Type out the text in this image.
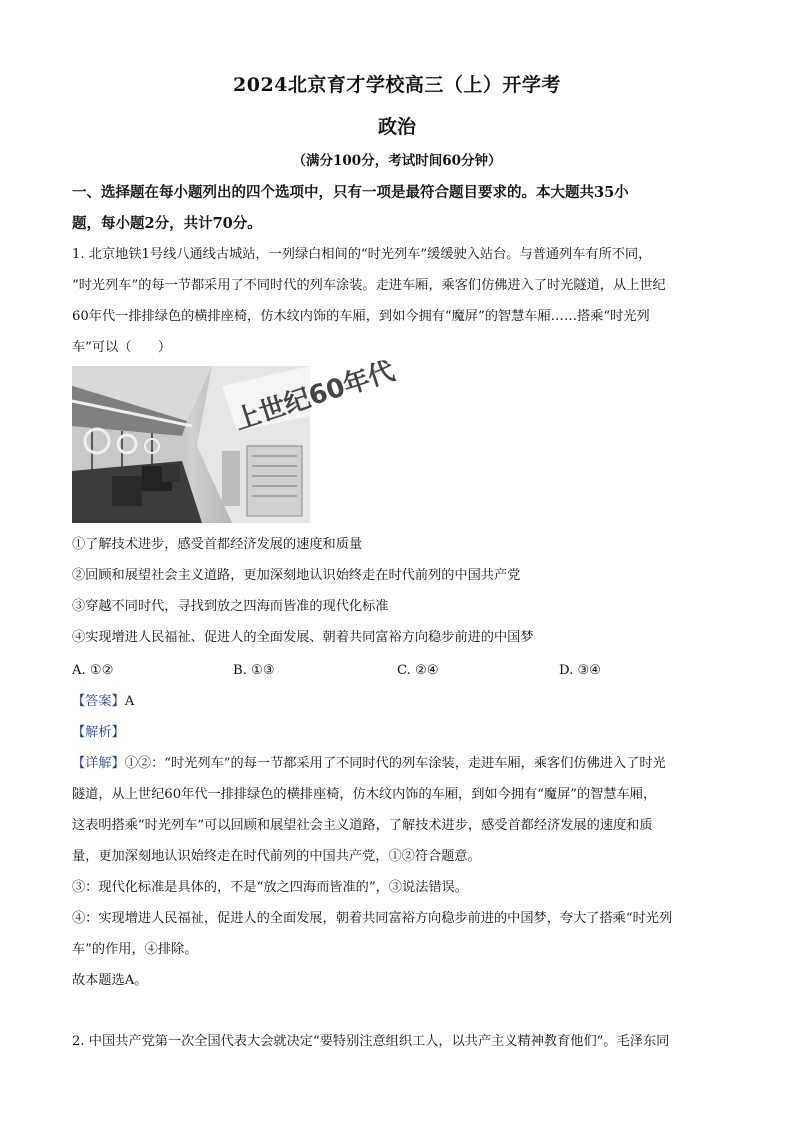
2024北京育才学校高三（上）开学考
政治
（满分100分，考试时间60分钟）
一、选择题在每小题列出的四个选项中，只有一项是最符合题目要求的。本大题共35小
题，每小题2分，共计70分。
1. 北京地铁1号线八通线古城站，一列绿白相间的“时光列车”缓缓驶入站台。与普通列车有所不同，
“时光列车”的每一节都采用了不同时代的列车涂装。走进车厢，乘客们仿佛进入了时光隧道，从上世纪
60年代一排排绿色的横排座椅，仿木纹内饰的车厢，到如今拥有“魔屏”的智慧车厢……搭乘“时光列
车”可以（　　）
上世纪60年代
①了解技术进步，感受首都经济发展的速度和质量
②回顾和展望社会主义道路，更加深刻地认识始终走在时代前列的中国共产党
③穿越不同时代，寻找到放之四海而皆准的现代化标准
④实现增进人民福祉、促进人的全面发展、朝着共同富裕方向稳步前进的中国梦
A. ①②	B. ①③	C. ②④	D. ③④
【答案】A
【解析】
【详解】①②：“时光列车”的每一节都采用了不同时代的列车涂装，走进车厢，乘客们仿佛进入了时光
隧道，从上世纪60年代一排排绿色的横排座椅，仿木纹内饰的车厢，到如今拥有“魔屏”的智慧车厢，
这表明搭乘“时光列车”可以回顾和展望社会主义道路，了解技术进步，感受首都经济发展的速度和质
量，更加深刻地认识始终走在时代前列的中国共产党，①②符合题意。
③：现代化标准是具体的，不是“放之四海而皆准的”，③说法错误。
④：实现增进人民福祉，促进人的全面发展，朝着共同富裕方向稳步前进的中国梦，夸大了搭乘“时光列
车”的作用，④排除。
故本题选A。
2. 中国共产党第一次全国代表大会就决定“要特别注意组织工人，以共产主义精神教育他们”。毛泽东同
